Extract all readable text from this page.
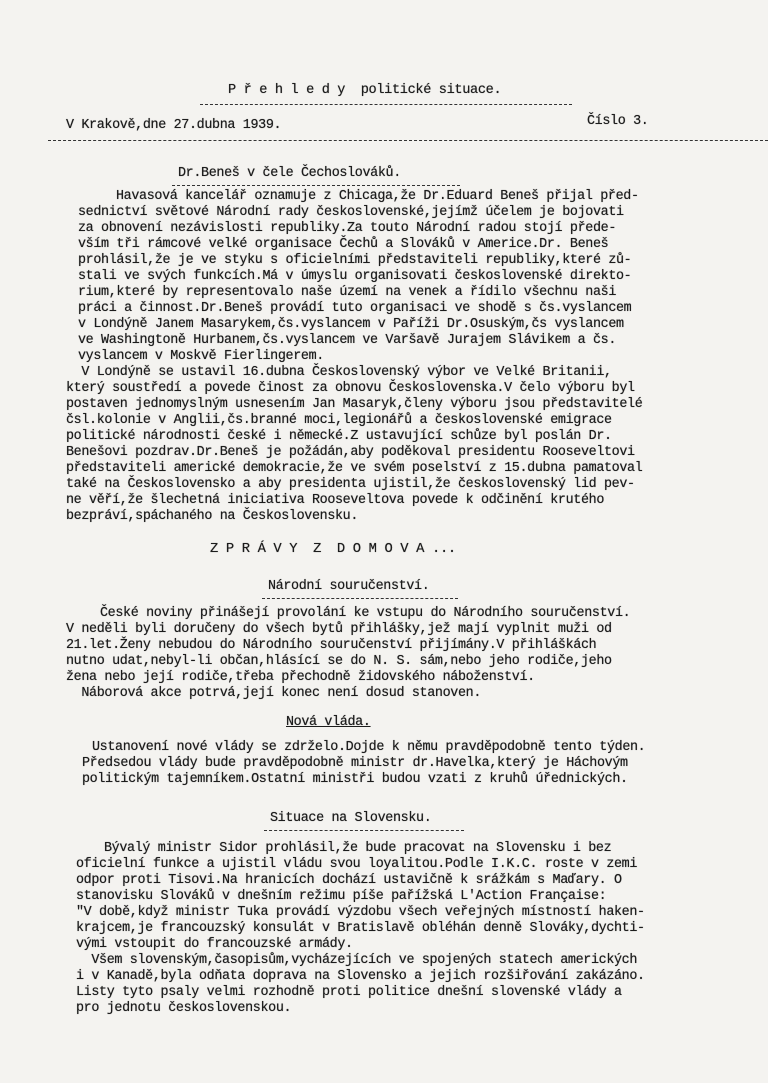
P ř e h l e d y  politické situace.
V Krakově,dne 27.dubna 1939.	Číslo 3.
Dr.Beneš v čele Čechoslováků.
Havasová kancelář oznamuje z Chicaga,že Dr.Eduard Beneš přijal před-
sednictví světové Národní rady československé,jejímž účelem je bojovati
za obnovení nezávislosti republiky.Za touto Národní radou stojí přede-
vším tři rámcové velké organisace Čechů a Slováků v Americe.Dr. Beneš
prohlásil,že je ve styku s oficielními představiteli republiky,které zů-
stali ve svých funkcích.Má v úmyslu organisovati československé direkto-
rium,které by representovalo naše území na venek a řídilo všechnu naši
práci a činnost.Dr.Beneš provádí tuto organisaci ve shodě s čs.vyslancem
v Londýně Janem Masarykem,čs.vyslancem v Paříži Dr.Osuským,čs vyslancem
ve Washingtoně Hurbanem,čs.vyslancem ve Varšavě Jurajem Slávikem a čs.
vyslancem v Moskvě Fierlingerem.
V Londýně se ustavil 16.dubna Československý výbor ve Velké Britanii,
který soustředí a povede činost za obnovu Československa.V čelo výboru byl
postaven jednomyslným usnesením Jan Masaryk,členy výboru jsou představitelé
čsl.kolonie v Anglii,čs.branné moci,legionářů a československé emigrace
politické národnosti české i německé.Z ustavující schůze byl poslán Dr.
Benešovi pozdrav.Dr.Beneš je požádán,aby poděkoval presidentu Rooseveltovi
představiteli americké demokracie,že ve svém poselství z 15.dubna pamatoval
také na Československo a aby presidenta ujistil,že československý lid pev-
ne věří,že šlechetná iniciativa Rooseveltova povede k odčinění krutého
bezpráví,spáchaného na Československu.
Z P R Á V Y  Z  D O M O V A ...
Národní souručenství.
České noviny přinášejí provolání ke vstupu do Národního souručenství.
V neděli byli doručeny do všech bytů přihlášky,jež mají vyplnit muži od
21.let.Ženy nebudou do Národního souručenství přijímány.V přihláškách
nutno udat,nebyl-li občan,hlásící se do N. S. sám,nebo jeho rodiče,jeho
žena nebo její rodiče,třeba přechodně židovského náboženství.
Náborová akce potrvá,její konec není dosud stanoven.
Nová vláda.
Ustanovení nové vlády se zdrželo.Dojde k němu pravděpodobně tento týden.
Předsedou vlády bude pravděpodobně ministr dr.Havelka,který je Háchovým
politickým tajemníkem.Ostatní ministři budou vzati z kruhů úřednických.
Situace na Slovensku.
Bývalý ministr Sidor prohlásil,že bude pracovat na Slovensku i bez
oficielní funkce a ujistil vládu svou loyalitou.Podle I.K.C. roste v zemi
odpor proti Tisovi.Na hranicích dochází ustavičně k srážkám s Maďary. O
stanovisku Slováků v dnešním režimu píše pařížská L'Action Française:
"V době,když ministr Tuka provádí výzdobu všech veřejných místností haken-
krajcem,je francouzský konsulát v Bratislavě obléhán denně Slováky,dychti-
vými vstoupit do francouzské armády.
Všem slovenským,časopisům,vycházejících ve spojených statech amerických
i v Kanadě,byla odňata doprava na Slovensko a jejich rozšiřování zakázáno.
Listy tyto psaly velmi rozhodně proti politice dnešní slovenské vlády a
pro jednotu československou.
